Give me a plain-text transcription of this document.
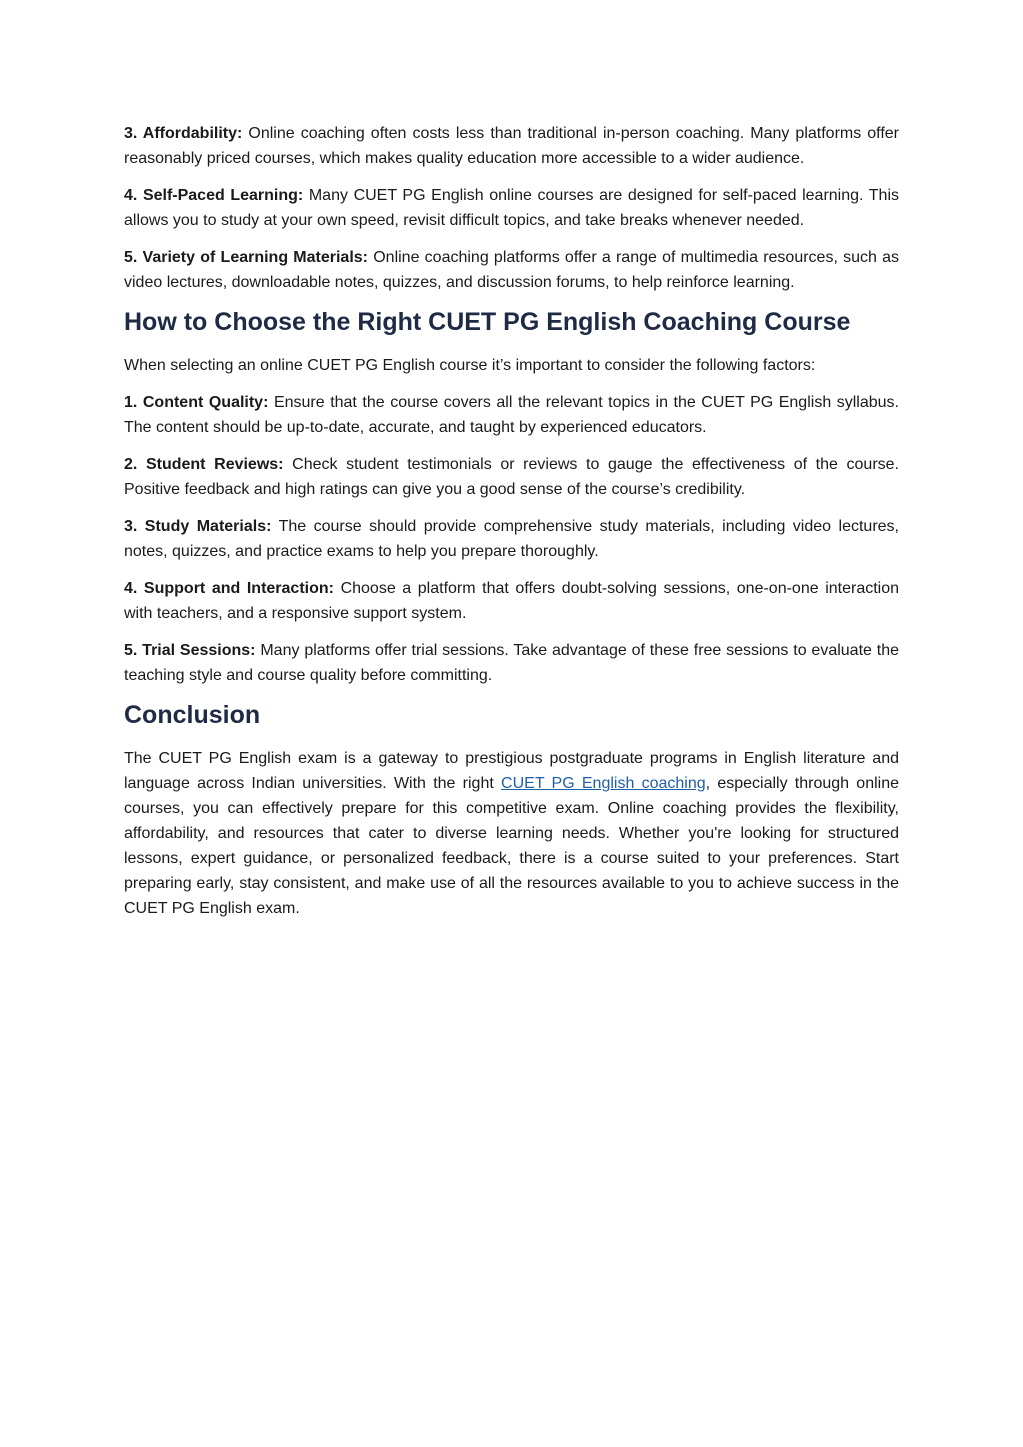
3. Affordability: Online coaching often costs less than traditional in-person coaching. Many platforms offer reasonably priced courses, which makes quality education more accessible to a wider audience.

4. Self-Paced Learning: Many CUET PG English online courses are designed for self-paced learning. This allows you to study at your own speed, revisit difficult topics, and take breaks whenever needed.

5. Variety of Learning Materials: Online coaching platforms offer a range of multimedia resources, such as video lectures, downloadable notes, quizzes, and discussion forums, to help reinforce learning.

How to Choose the Right CUET PG English Coaching Course

When selecting an online CUET PG English course it’s important to consider the following factors:

1. Content Quality: Ensure that the course covers all the relevant topics in the CUET PG English syllabus. The content should be up-to-date, accurate, and taught by experienced educators.

2. Student Reviews: Check student testimonials or reviews to gauge the effectiveness of the course. Positive feedback and high ratings can give you a good sense of the course’s credibility.

3. Study Materials: The course should provide comprehensive study materials, including video lectures, notes, quizzes, and practice exams to help you prepare thoroughly.

4. Support and Interaction: Choose a platform that offers doubt-solving sessions, one-on-one interaction with teachers, and a responsive support system.

5. Trial Sessions: Many platforms offer trial sessions. Take advantage of these free sessions to evaluate the teaching style and course quality before committing.

Conclusion

The CUET PG English exam is a gateway to prestigious postgraduate programs in English literature and language across Indian universities. With the right CUET PG English coaching, especially through online courses, you can effectively prepare for this competitive exam. Online coaching provides the flexibility, affordability, and resources that cater to diverse learning needs. Whether you're looking for structured lessons, expert guidance, or personalized feedback, there is a course suited to your preferences. Start preparing early, stay consistent, and make use of all the resources available to you to achieve success in the CUET PG English exam.
